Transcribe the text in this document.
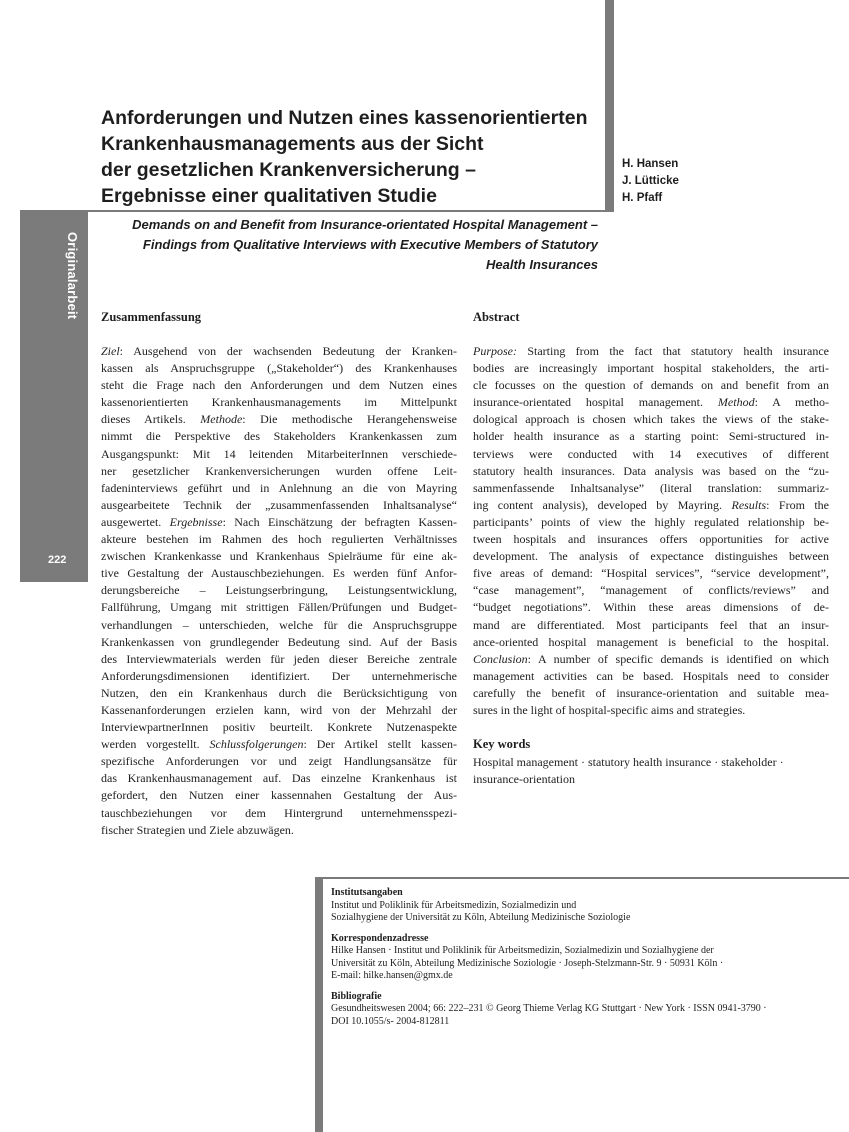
Originalarbeit
222
Anforderungen und Nutzen eines kassenorientierten
Krankenhausmanagements aus der Sicht
der gesetzlichen Krankenversicherung –
Ergebnisse einer qualitativen Studie
H. Hansen
J. Lütticke
H. Pfaff
Demands on and Benefit from Insurance-orientated Hospital Management –
Findings from Qualitative Interviews with Executive Members of Statutory
Health Insurances
Zusammenfassung
Ziel: Ausgehend von der wachsenden Bedeutung der Kranken-
kassen als Anspruchsgruppe („Stakeholder“) des Krankenhauses
steht die Frage nach den Anforderungen und dem Nutzen eines
kassenorientierten Krankenhausmanagements im Mittelpunkt
dieses Artikels. Methode: Die methodische Herangehensweise
nimmt die Perspektive des Stakeholders Krankenkassen zum
Ausgangspunkt: Mit 14 leitenden MitarbeiterInnen verschiede-
ner gesetzlicher Krankenversicherungen wurden offene Leit-
fadeninterviews geführt und in Anlehnung an die von Mayring
ausgearbeitete Technik der „zusammenfassenden Inhaltsanalyse“
ausgewertet. Ergebnisse: Nach Einschätzung der befragten Kassen-
akteure bestehen im Rahmen des hoch regulierten Verhältnisses
zwischen Krankenkasse und Krankenhaus Spielräume für eine ak-
tive Gestaltung der Austauschbeziehungen. Es werden fünf Anfor-
derungsbereiche – Leistungserbringung, Leistungsentwicklung,
Fallführung, Umgang mit strittigen Fällen/Prüfungen und Budget-
verhandlungen – unterschieden, welche für die Anspruchsgruppe
Krankenkassen von grundlegender Bedeutung sind. Auf der Basis
des Interviewmaterials werden für jeden dieser Bereiche zentrale
Anforderungsdimensionen identifiziert. Der unternehmerische
Nutzen, den ein Krankenhaus durch die Berücksichtigung von
Kassenanforderungen erzielen kann, wird von der Mehrzahl der
InterviewpartnerInnen positiv beurteilt. Konkrete Nutzenaspekte
werden vorgestellt. Schlussfolgerungen: Der Artikel stellt kassen-
spezifische Anforderungen vor und zeigt Handlungsansätze für
das Krankenhausmanagement auf. Das einzelne Krankenhaus ist
gefordert, den Nutzen einer kassennahen Gestaltung der Aus-
tauschbeziehungen vor dem Hintergrund unternehmensspezi-
fischer Strategien und Ziele abzuwägen.
Abstract
Purpose: Starting from the fact that statutory health insurance
bodies are increasingly important hospital stakeholders, the arti-
cle focusses on the question of demands on and benefit from an
insurance-orientated hospital management. Method: A metho-
dological approach is chosen which takes the views of the stake-
holder health insurance as a starting point: Semi-structured in-
terviews were conducted with 14 executives of different
statutory health insurances. Data analysis was based on the “zu-
sammenfassende Inhaltsanalyse” (literal translation: summariz-
ing content analysis), developed by Mayring. Results: From the
participants’ points of view the highly regulated relationship be-
tween hospitals and insurances offers opportunities for active
development. The analysis of expectance distinguishes between
five areas of demand: “Hospital services”, “service development”,
“case management”, “management of conflicts/reviews” and
“budget negotiations”. Within these areas dimensions of de-
mand are differentiated. Most participants feel that an insur-
ance-oriented hospital management is beneficial to the hospital.
Conclusion: A number of specific demands is identified on which
management activities can be based. Hospitals need to consider
carefully the benefit of insurance-orientation and suitable mea-
sures in the light of hospital-specific aims and strategies.
Key words
Hospital management · statutory health insurance · stakeholder ·
insurance-orientation
Institutsangaben
Institut und Poliklinik für Arbeitsmedizin, Sozialmedizin und
Sozialhygiene der Universität zu Köln, Abteilung Medizinische Soziologie
Korrespondenzadresse
Hilke Hansen · Institut und Poliklinik für Arbeitsmedizin, Sozialmedizin und Sozialhygiene der
Universität zu Köln, Abteilung Medizinische Soziologie · Joseph-Stelzmann-Str. 9 · 50931 Köln ·
E-mail: hilke.hansen@gmx.de
Bibliografie
Gesundheitswesen 2004; 66: 222–231 © Georg Thieme Verlag KG Stuttgart · New York · ISSN 0941-3790 ·
DOI 10.1055/s- 2004-812811
